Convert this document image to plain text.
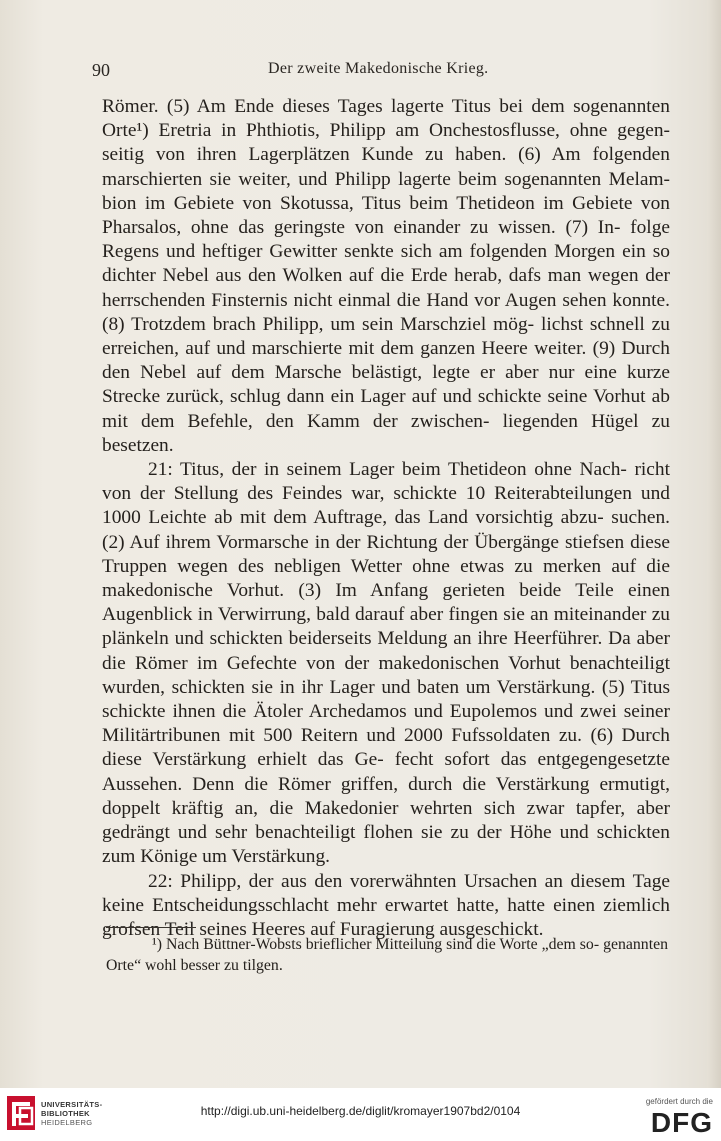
90	Der zweite Makedonische Krieg.

Römer. (5) Am Ende dieses Tages lagerte Titus bei dem sogenannten Orte¹) Eretria in Phthiotis, Philipp am Onchestosflusse, ohne gegen- seitig von ihren Lagerplätzen Kunde zu haben. (6) Am folgenden marschierten sie weiter, und Philipp lagerte beim sogenannten Melam- bion im Gebiete von Skotussa, Titus beim Thetideon im Gebiete von Pharsalos, ohne das geringste von einander zu wissen. (7) In- folge Regens und heftiger Gewitter senkte sich am folgenden Morgen ein so dichter Nebel aus den Wolken auf die Erde herab, dafs man wegen der herrschenden Finsternis nicht einmal die Hand vor Augen sehen konnte. (8) Trotzdem brach Philipp, um sein Marschziel mög- lichst schnell zu erreichen, auf und marschierte mit dem ganzen Heere weiter. (9) Durch den Nebel auf dem Marsche belästigt, legte er aber nur eine kurze Strecke zurück, schlug dann ein Lager auf und schickte seine Vorhut ab mit dem Befehle, den Kamm der zwischen- liegenden Hügel zu besetzen.

21: Titus, der in seinem Lager beim Thetideon ohne Nach- richt von der Stellung des Feindes war, schickte 10 Reiterabteilungen und 1000 Leichte ab mit dem Auftrage, das Land vorsichtig abzu- suchen. (2) Auf ihrem Vormarsche in der Richtung der Übergänge stiefsen diese Truppen wegen des nebligen Wetter ohne etwas zu merken auf die makedonische Vorhut. (3) Im Anfang gerieten beide Teile einen Augenblick in Verwirrung, bald darauf aber fingen sie an miteinander zu plänkeln und schickten beiderseits Meldung an ihre Heerführer. Da aber die Römer im Gefechte von der makedonischen Vorhut benachteiligt wurden, schickten sie in ihr Lager und baten um Verstärkung. (5) Titus schickte ihnen die Ätoler Archedamos und Eupolemos und zwei seiner Militärtribunen mit 500 Reitern und 2000 Fufssoldaten zu. (6) Durch diese Verstärkung erhielt das Ge- fecht sofort das entgegengesetzte Aussehen. Denn die Römer griffen, durch die Verstärkung ermutigt, doppelt kräftig an, die Makedonier wehrten sich zwar tapfer, aber gedrängt und sehr benachteiligt flohen sie zu der Höhe und schickten zum Könige um Verstärkung.

22: Philipp, der aus den vorerwähnten Ursachen an diesem Tage keine Entscheidungsschlacht mehr erwartet hatte, hatte einen ziemlich grofsen Teil seines Heeres auf Furagierung ausgeschickt.

¹) Nach Büttner-Wobsts brieflicher Mitteilung sind die Worte „dem so- genannten Orte“ wohl besser zu tilgen.
UNIVERSITÄTS-
BIBLIOTHEK
HEIDELBERG
http://digi.ub.uni-heidelberg.de/diglit/kromayer1907bd2/0104
gefördert durch die
DFG
